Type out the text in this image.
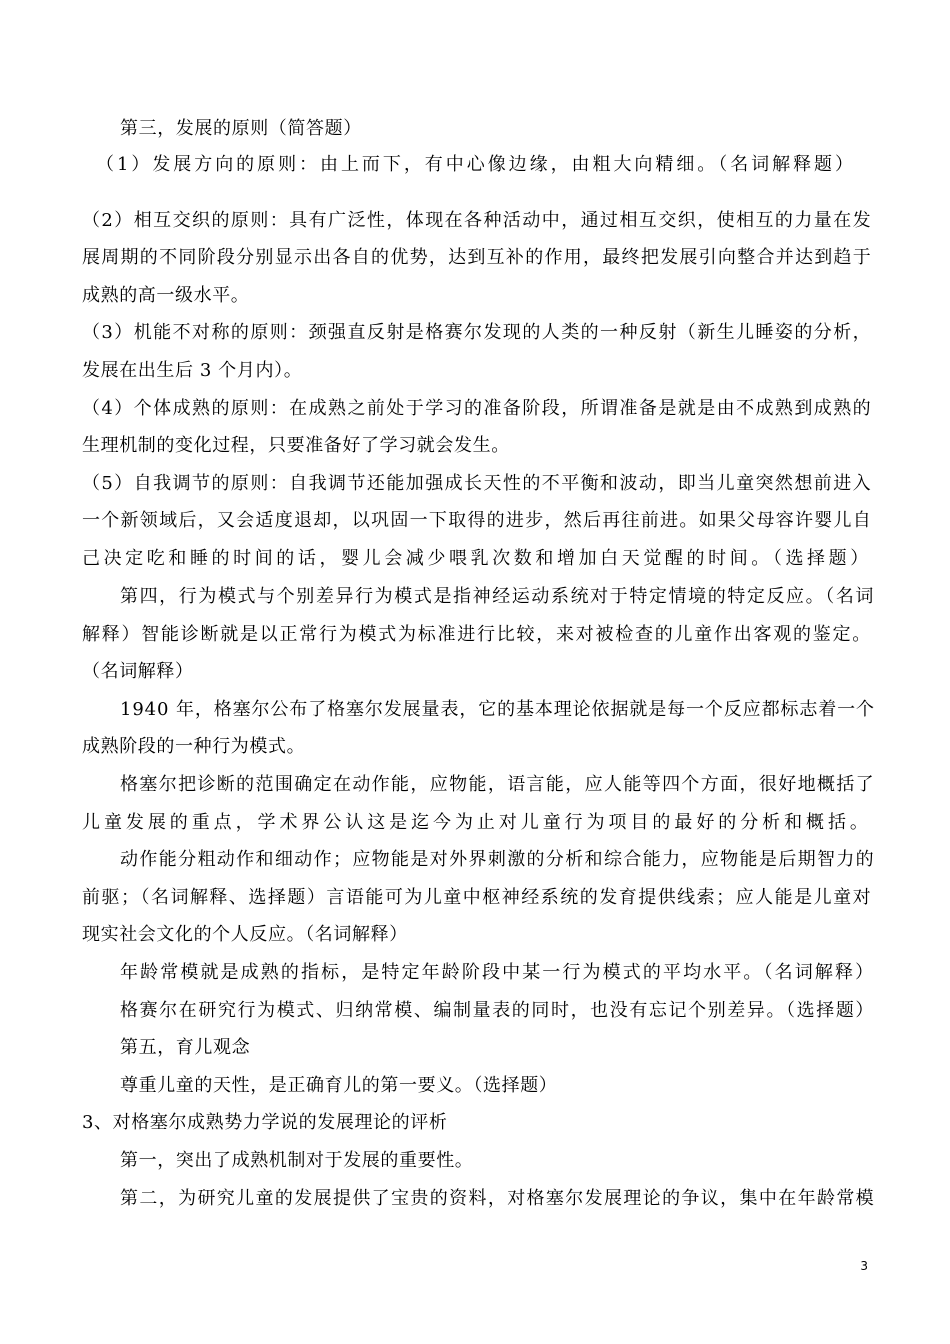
第三，发展的原则（简答题）
（1）发展方向的原则：由上而下，有中心像边缘，由粗大向精细。（名词解释题）
（2）相互交织的原则：具有广泛性，体现在各种活动中，通过相互交织，使相互的力量在发
展周期的不同阶段分别显示出各自的优势，达到互补的作用，最终把发展引向整合并达到趋于
成熟的高一级水平。
（3）机能不对称的原则：颈强直反射是格赛尔发现的人类的一种反射（新生儿睡姿的分析，
发展在出生后 3 个月内）。
（4）个体成熟的原则：在成熟之前处于学习的准备阶段，所谓准备是就是由不成熟到成熟的
生理机制的变化过程，只要准备好了学习就会发生。
（5）自我调节的原则：自我调节还能加强成长天性的不平衡和波动，即当儿童突然想前进入
一个新领域后，又会适度退却，以巩固一下取得的进步，然后再往前进。如果父母容许婴儿自
己决定吃和睡的时间的话，婴儿会减少喂乳次数和增加白天觉醒的时间。（选择题）
第四，行为模式与个别差异行为模式是指神经运动系统对于特定情境的特定反应。（名词
解释）智能诊断就是以正常行为模式为标准进行比较，来对被检查的儿童作出客观的鉴定。
（名词解释）
1940 年，格塞尔公布了格塞尔发展量表，它的基本理论依据就是每一个反应都标志着一个
成熟阶段的一种行为模式。
格塞尔把诊断的范围确定在动作能，应物能，语言能，应人能等四个方面，很好地概括了
儿童发展的重点，学术界公认这是迄今为止对儿童行为项目的最好的分析和概括。
动作能分粗动作和细动作；应物能是对外界刺激的分析和综合能力，应物能是后期智力的
前驱；（名词解释、选择题）言语能可为儿童中枢神经系统的发育提供线索；应人能是儿童对
现实社会文化的个人反应。（名词解释）
年龄常模就是成熟的指标，是特定年龄阶段中某一行为模式的平均水平。（名词解释）
格赛尔在研究行为模式、归纳常模、编制量表的同时，也没有忘记个别差异。（选择题）
第五，育儿观念
尊重儿童的天性，是正确育儿的第一要义。（选择题）
3、对格塞尔成熟势力学说的发展理论的评析
第一，突出了成熟机制对于发展的重要性。
第二，为研究儿童的发展提供了宝贵的资料，对格塞尔发展理论的争议，集中在年龄常模
3
